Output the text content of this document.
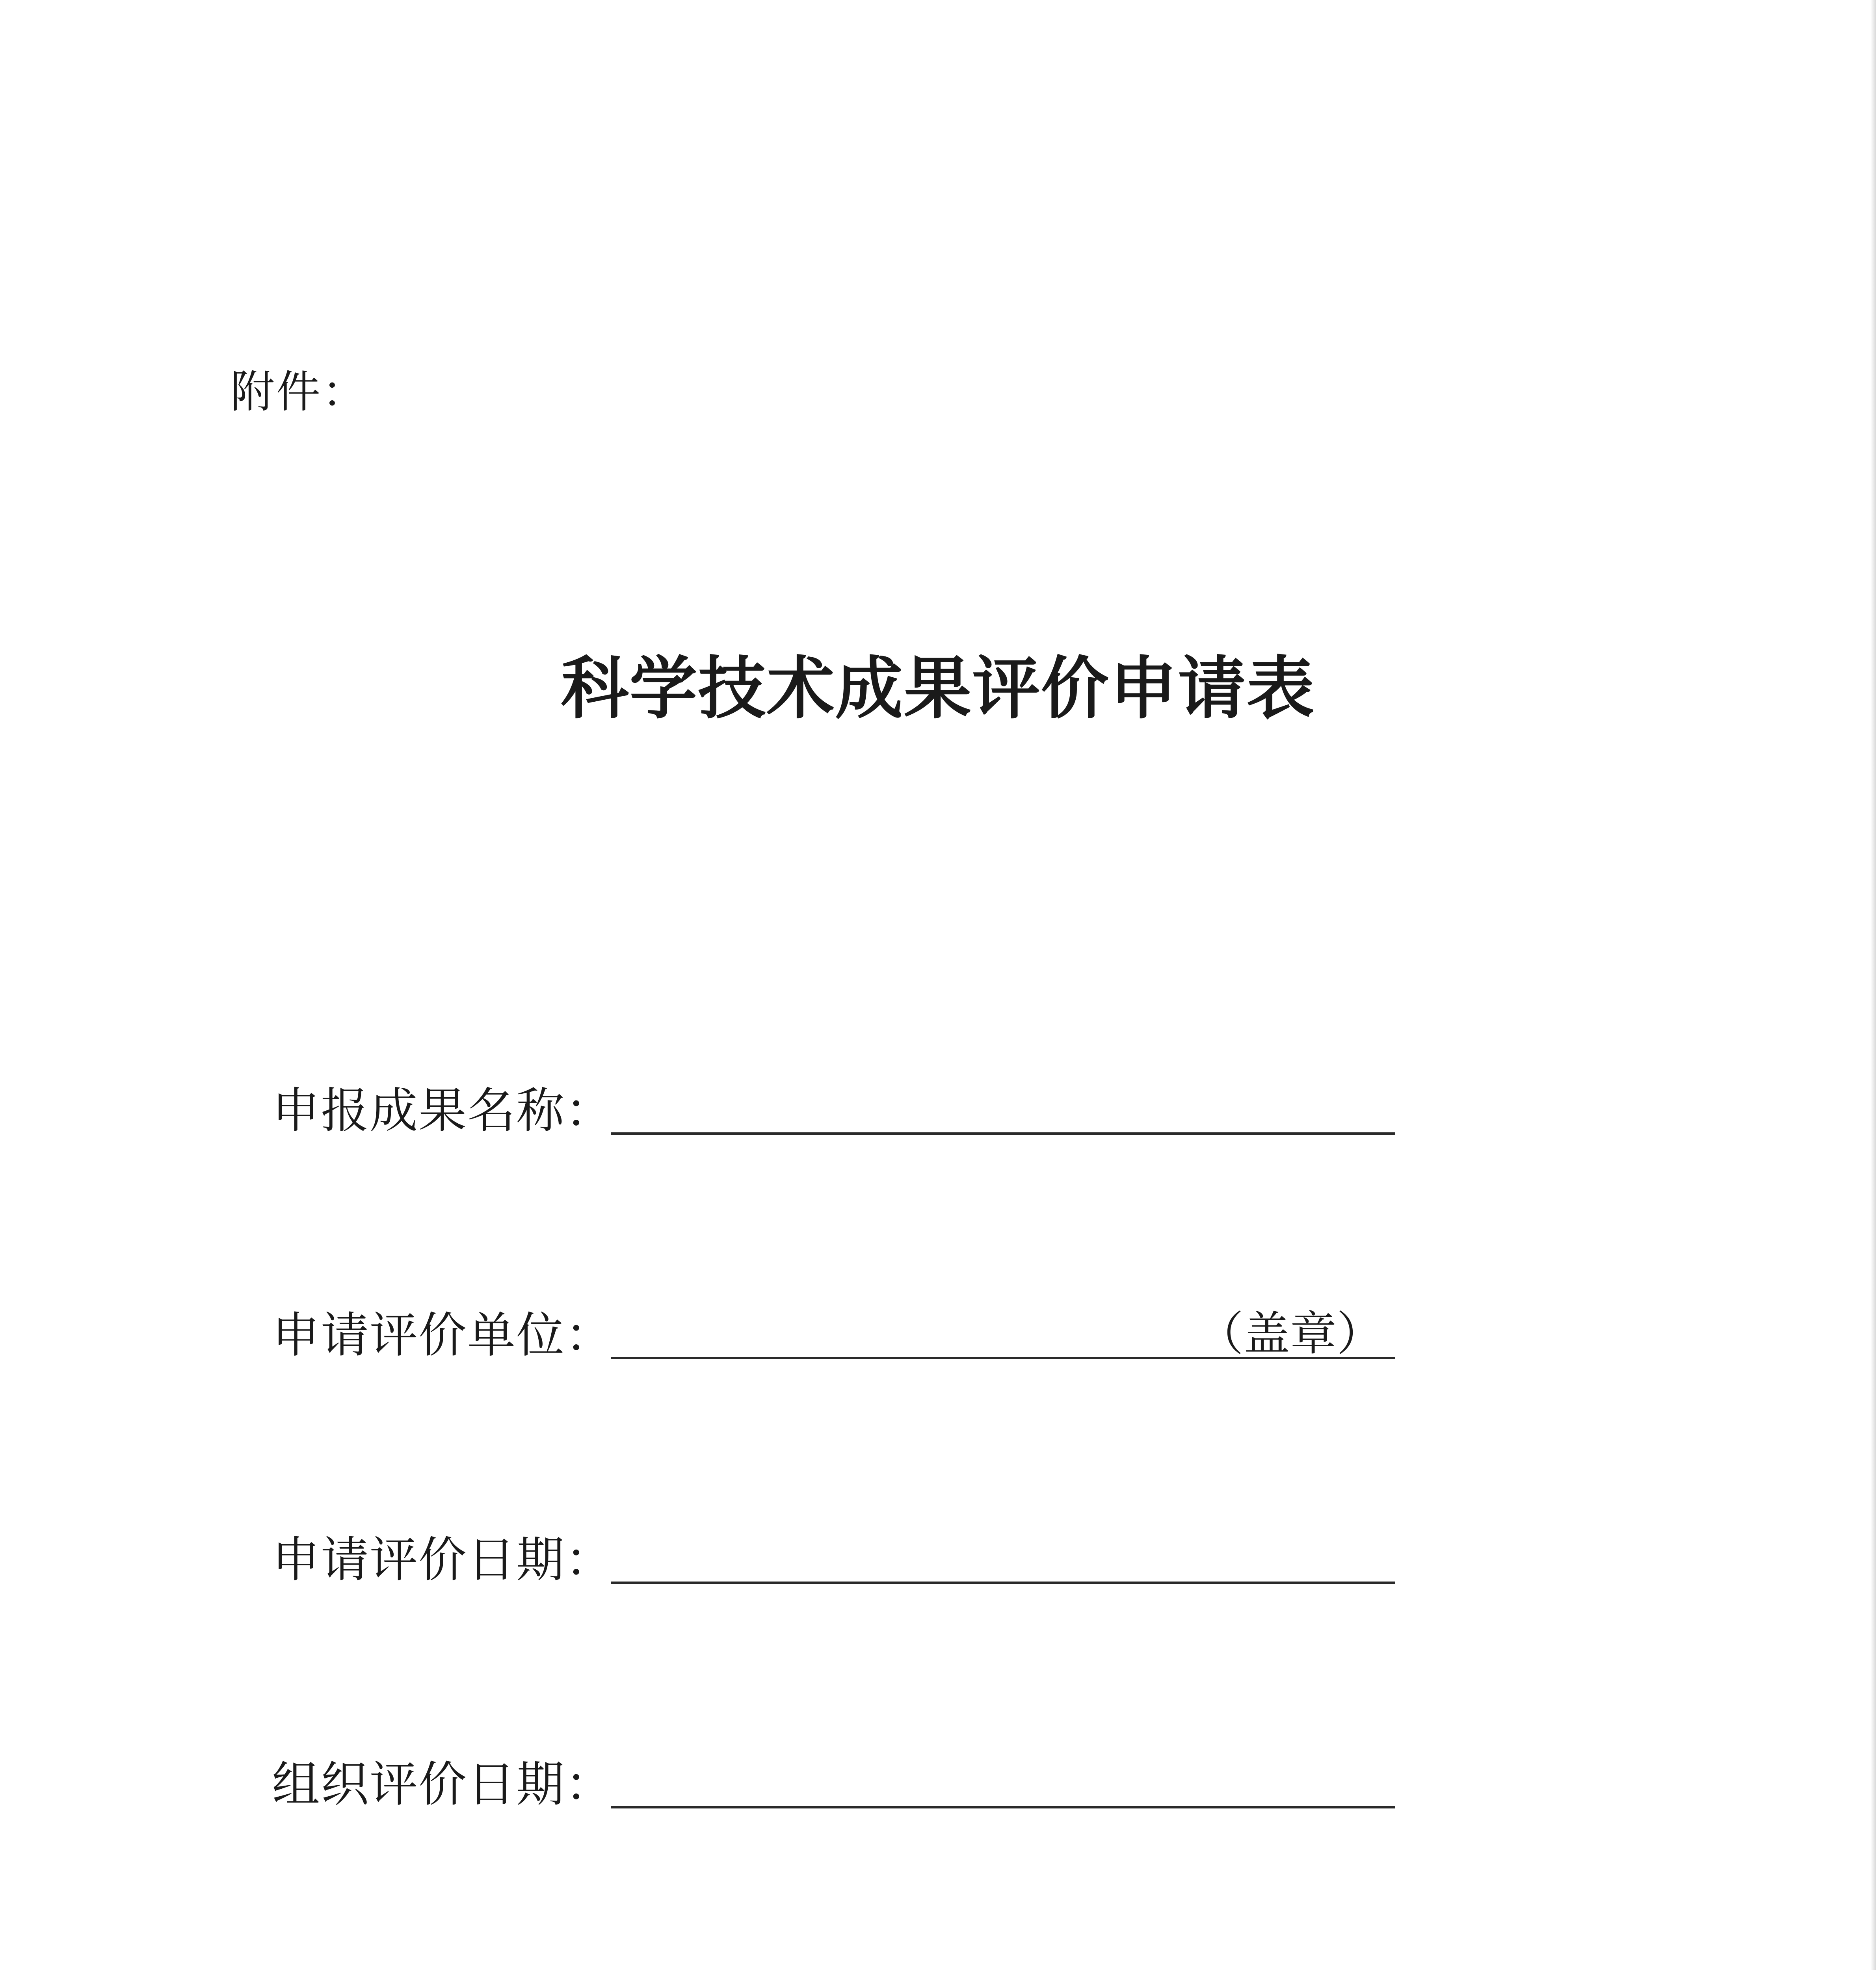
附件：
科学技术成果评价申请表
申报成果名称：
申请评价单位：	（盖章）
申请评价日期：
组织评价日期：
